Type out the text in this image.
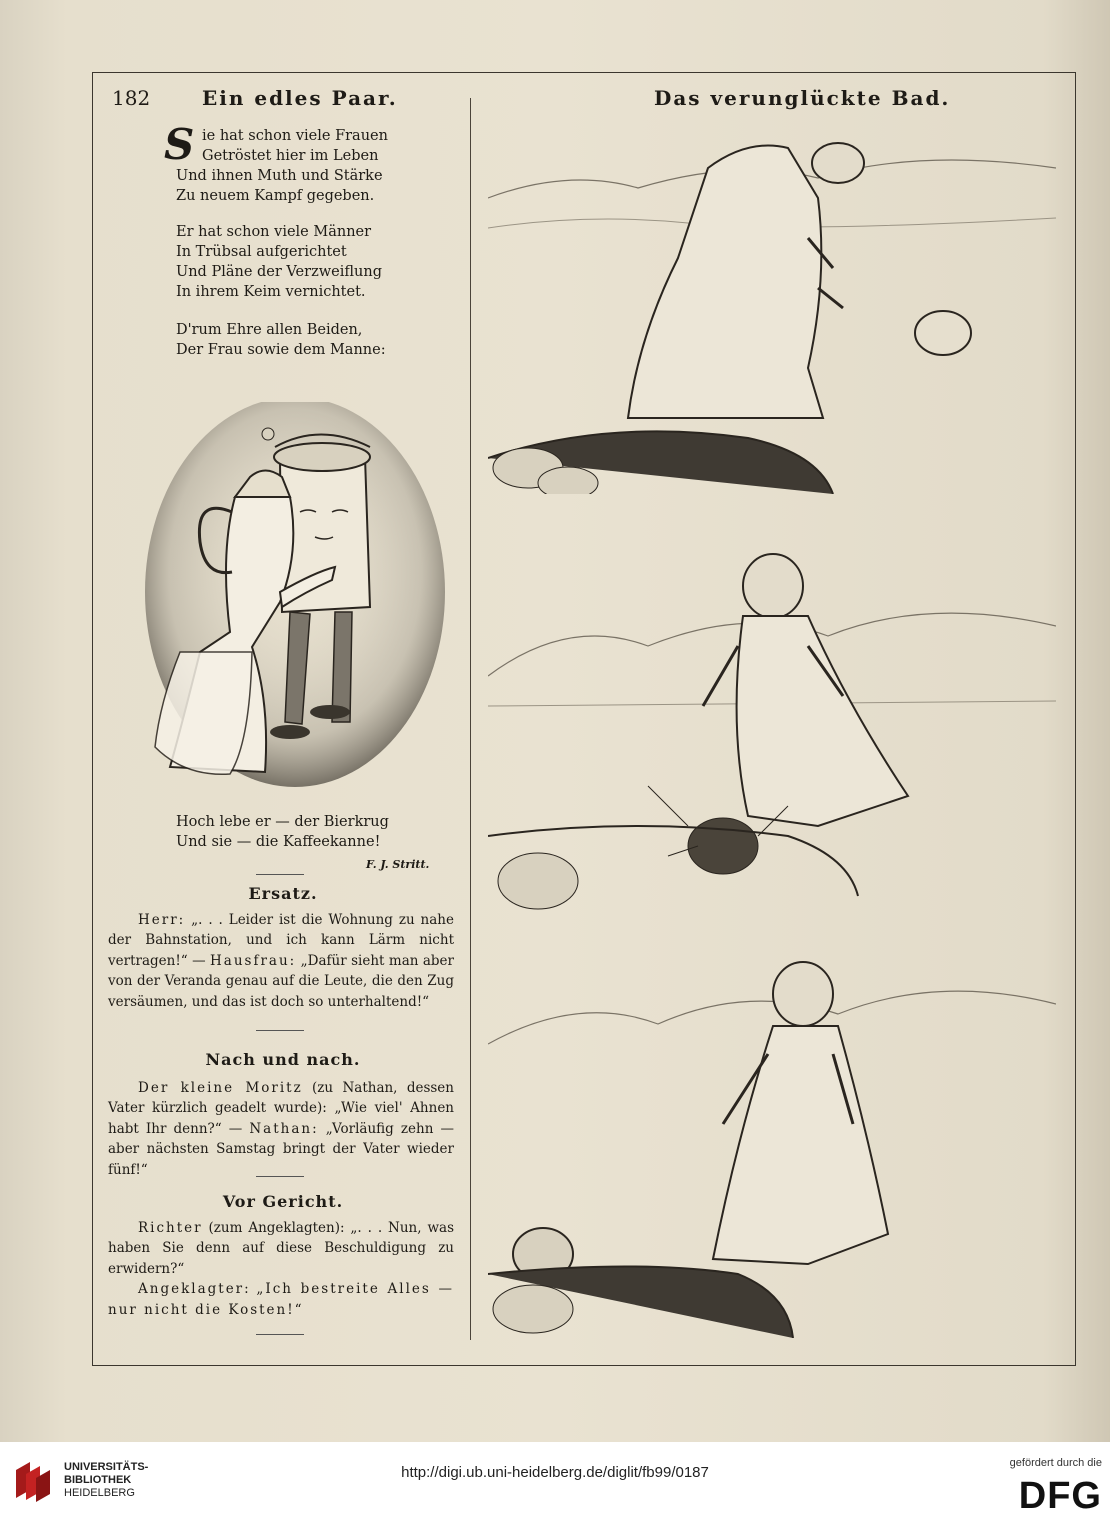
182	Ein edles Paar.	Das verunglückte Bad.
S ie hat schon viele Frauen
Getröstet hier im Leben
Und ihnen Muth und Stärke
Zu neuem Kampf gegeben.
Er hat schon viele Männer
In Trübsal aufgerichtet
Und Pläne der Verzweiflung
In ihrem Keim vernichtet.
D'rum Ehre allen Beiden,
Der Frau sowie dem Manne:
Hoch lebe er — der Bierkrug
Und sie — die Kaffeekanne!
F. J. Stritt.
Ersatz.

Herr: „. . . Leider ist die Wohnung zu nahe der Bahnstation, und ich kann Lärm nicht vertragen!“ — Hausfrau: „Dafür sieht man aber von der Veranda genau auf die Leute, die den Zug versäumen, und das ist doch so unterhaltend!“

Nach und nach.

Der kleine Moritz (zu Nathan, dessen Vater kürzlich geadelt wurde): „Wie viel' Ahnen habt Ihr denn?“ — Nathan: „Vorläufig zehn — aber nächsten Samstag bringt der Vater wieder fünf!“

Vor Gericht.

Richter (zum Angeklagten): „. . . Nun, was haben Sie denn auf diese Beschuldigung zu erwidern?“

Angeklagter: „Ich bestreite Alles — nur nicht die Kosten!“

UNIVERSITÄTS-
BIBLIOTHEK
HEIDELBERG
http://digi.ub.uni-heidelberg.de/diglit/fb99/0187
gefördert durch die
DFG
